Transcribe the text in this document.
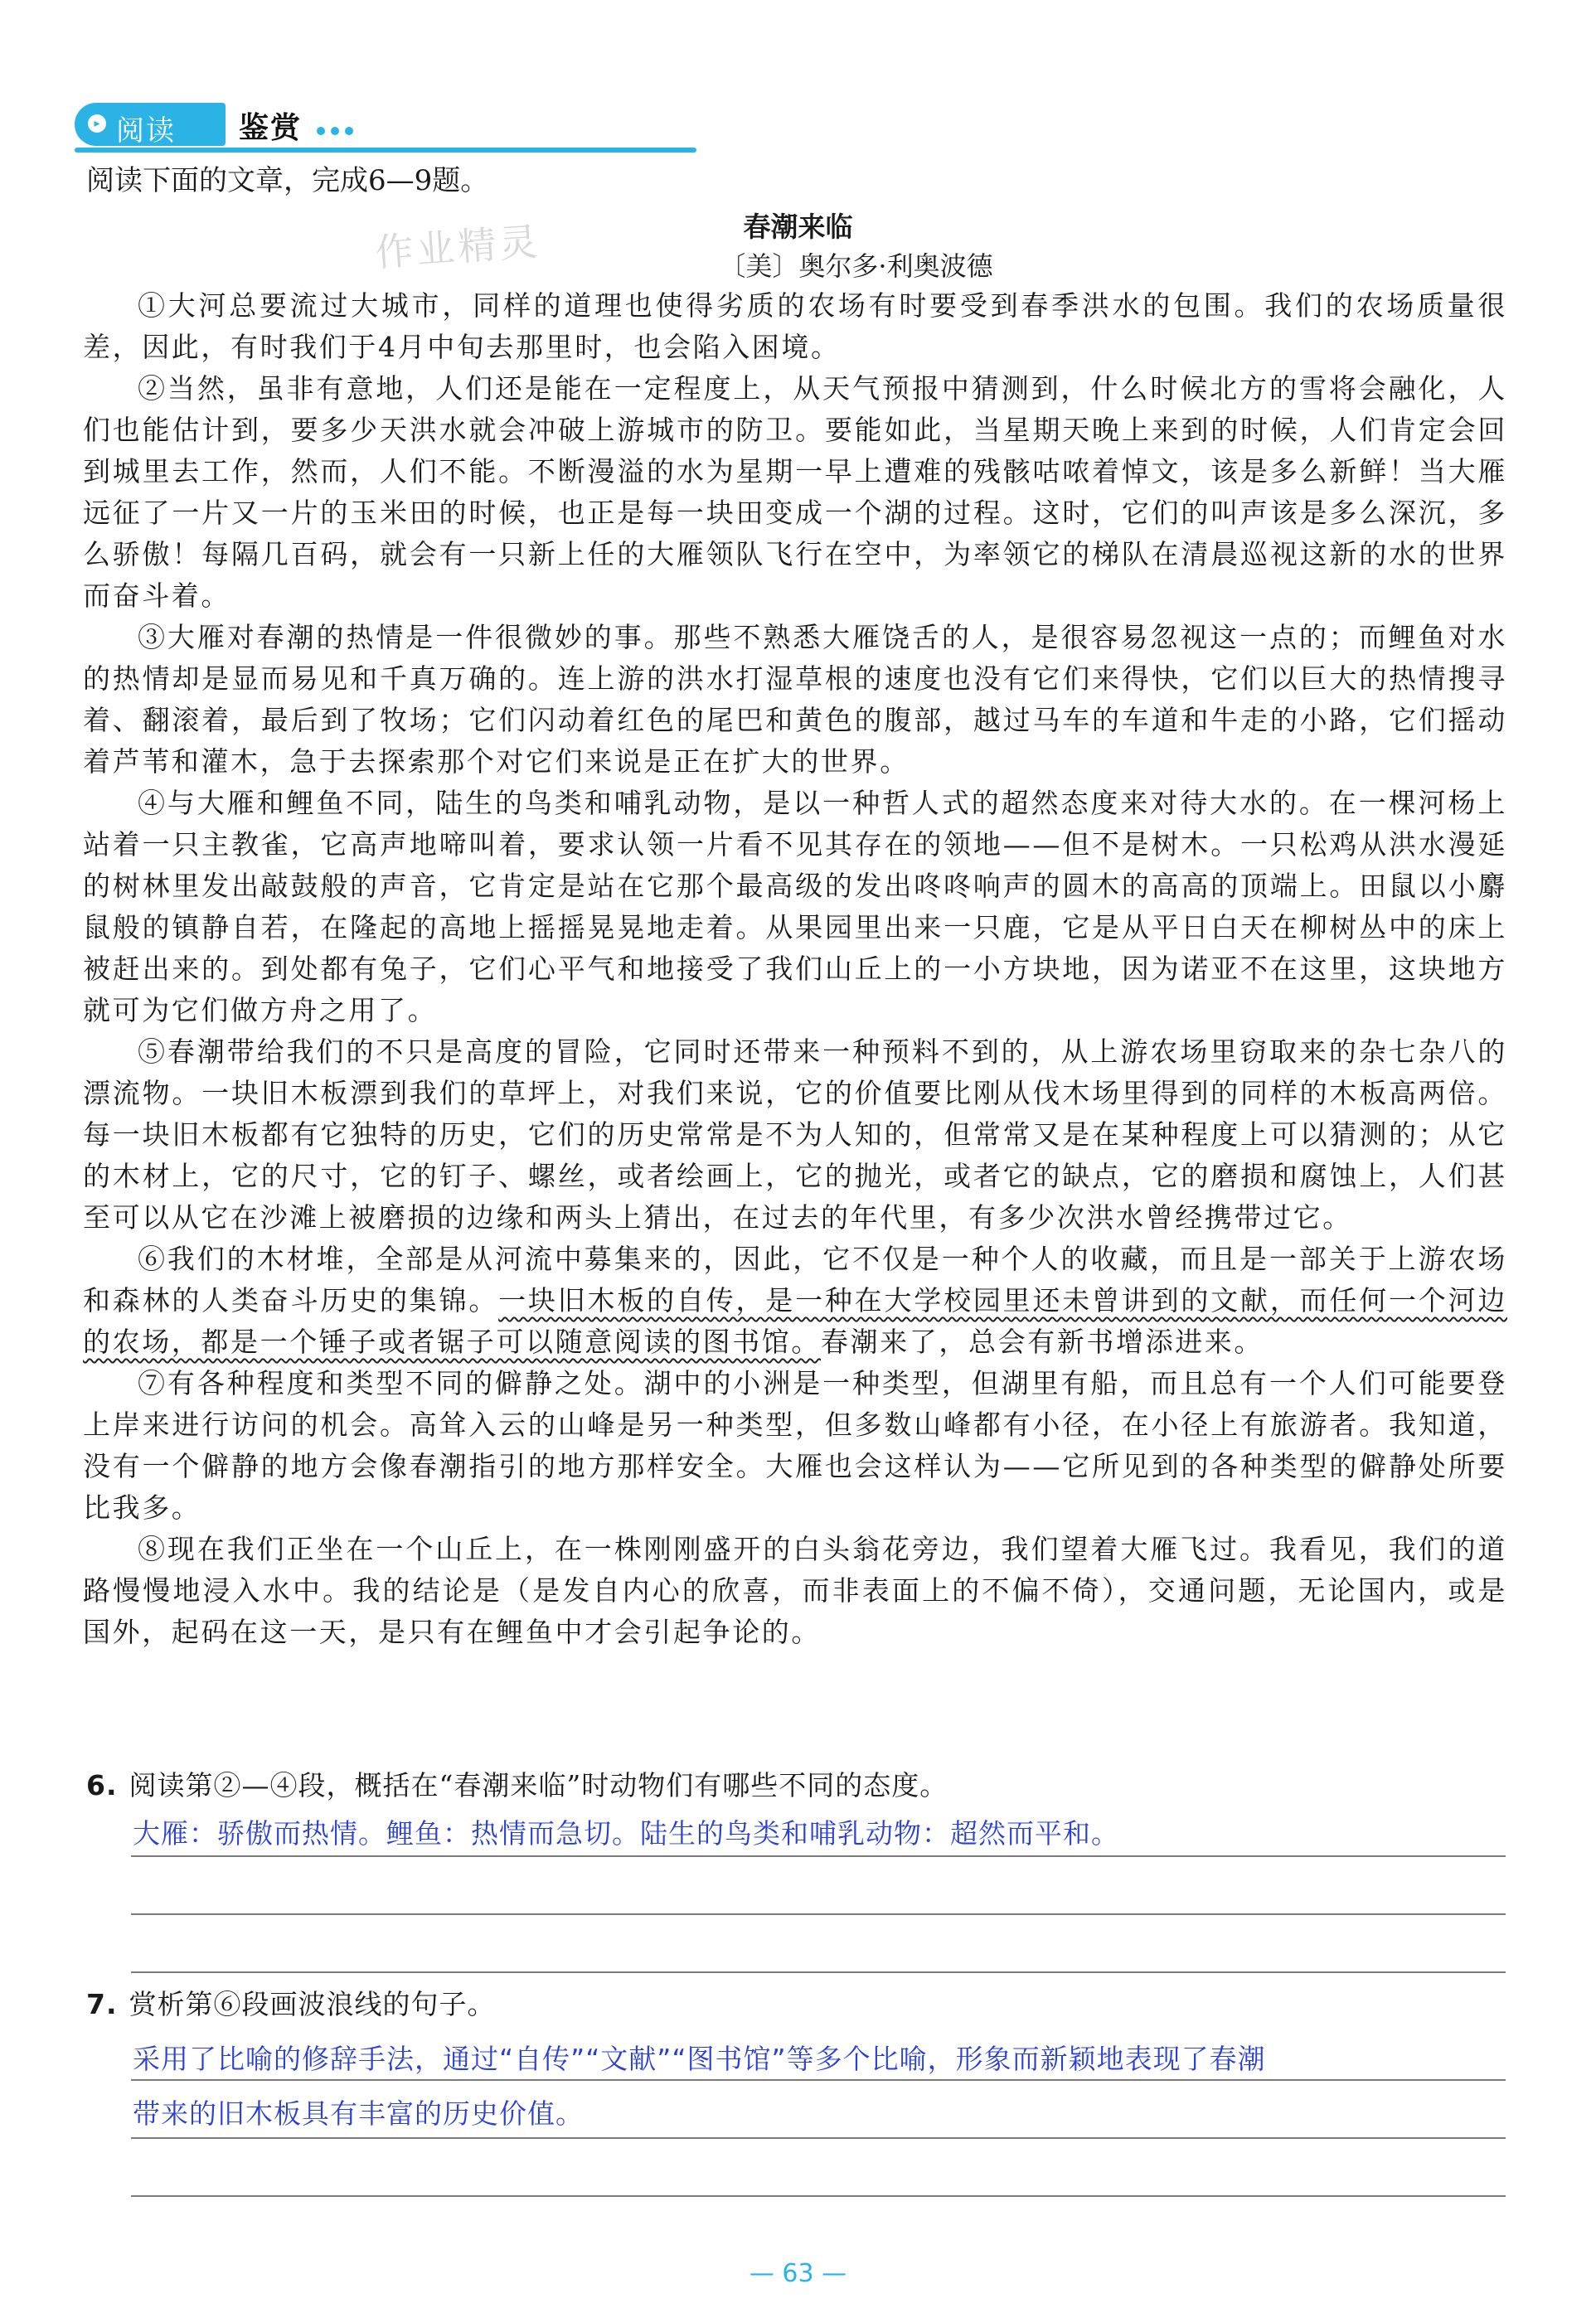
▸ 阅读 鉴赏
阅读下面的文章，完成6—9题。
作业精灵	春潮来临
〔美〕奥尔多·利奥波德

①大河总要流过大城市，同样的道理也使得劣质的农场有时要受到春季洪水的包围。我们的农场质量很差，因此，有时我们于4月中旬去那里时，也会陷入困境。

②当然，虽非有意地，人们还是能在一定程度上，从天气预报中猜测到，什么时候北方的雪将会融化，人们也能估计到，要多少天洪水就会冲破上游城市的防卫。要能如此，当星期天晚上来到的时候，人们肯定会回到城里去工作，然而，人们不能。不断漫溢的水为星期一早上遭难的残骸咕哝着悼文，该是多么新鲜！当大雁远征了一片又一片的玉米田的时候，也正是每一块田变成一个湖的过程。这时，它们的叫声该是多么深沉，多么骄傲！每隔几百码，就会有一只新上任的大雁领队飞行在空中，为率领它的梯队在清晨巡视这新的水的世界而奋斗着。

③大雁对春潮的热情是一件很微妙的事。那些不熟悉大雁饶舌的人，是很容易忽视这一点的；而鲤鱼对水的热情却是显而易见和千真万确的。连上游的洪水打湿草根的速度也没有它们来得快，它们以巨大的热情搜寻着、翻滚着，最后到了牧场；它们闪动着红色的尾巴和黄色的腹部，越过马车的车道和牛走的小路，它们摇动着芦苇和灌木，急于去探索那个对它们来说是正在扩大的世界。

④与大雁和鲤鱼不同，陆生的鸟类和哺乳动物，是以一种哲人式的超然态度来对待大水的。在一棵河杨上站着一只主教雀，它高声地啼叫着，要求认领一片看不见其存在的领地——但不是树木。一只松鸡从洪水漫延的树林里发出敲鼓般的声音，它肯定是站在它那个最高级的发出咚咚响声的圆木的高高的顶端上。田鼠以小麝鼠般的镇静自若，在隆起的高地上摇摇晃晃地走着。从果园里出来一只鹿，它是从平日白天在柳树丛中的床上被赶出来的。到处都有兔子，它们心平气和地接受了我们山丘上的一小方块地，因为诺亚不在这里，这块地方就可为它们做方舟之用了。

⑤春潮带给我们的不只是高度的冒险，它同时还带来一种预料不到的，从上游农场里窃取来的杂七杂八的漂流物。一块旧木板漂到我们的草坪上，对我们来说，它的价值要比刚从伐木场里得到的同样的木板高两倍。每一块旧木板都有它独特的历史，它们的历史常常是不为人知的，但常常又是在某种程度上可以猜测的；从它的木材上，它的尺寸，它的钉子、螺丝，或者绘画上，它的抛光，或者它的缺点，它的磨损和腐蚀上，人们甚至可以从它在沙滩上被磨损的边缘和两头上猜出，在过去的年代里，有多少次洪水曾经携带过它。

⑥我们的木材堆，全部是从河流中募集来的，因此，它不仅是一种个人的收藏，而且是一部关于上游农场和森林的人类奋斗历史的集锦。一块旧木板的自传，是一种在大学校园里还未曾讲到的文献，而任何一个河边的农场，都是一个锤子或者锯子可以随意阅读的图书馆。春潮来了，总会有新书增添进来。

⑦有各种程度和类型不同的僻静之处。湖中的小洲是一种类型，但湖里有船，而且总有一个人们可能要登上岸来进行访问的机会。高耸入云的山峰是另一种类型，但多数山峰都有小径，在小径上有旅游者。我知道，没有一个僻静的地方会像春潮指引的地方那样安全。大雁也会这样认为——它所见到的各种类型的僻静处所要比我多。

⑧现在我们正坐在一个山丘上，在一株刚刚盛开的白头翁花旁边，我们望着大雁飞过。我看见，我们的道路慢慢地浸入水中。我的结论是（是发自内心的欣喜，而非表面上的不偏不倚），交通问题，无论国内，或是国外，起码在这一天，是只有在鲤鱼中才会引起争论的。

6. 阅读第②—④段，概括在“春潮来临”时动物们有哪些不同的态度。
大雁：骄傲而热情。鲤鱼：热情而急切。陆生的鸟类和哺乳动物：超然而平和。
7. 赏析第⑥段画波浪线的句子。
采用了比喻的修辞手法，通过“自传”“文献”“图书馆”等多个比喻，形象而新颖地表现了春潮
带来的旧木板具有丰富的历史价值。
— 63 —
